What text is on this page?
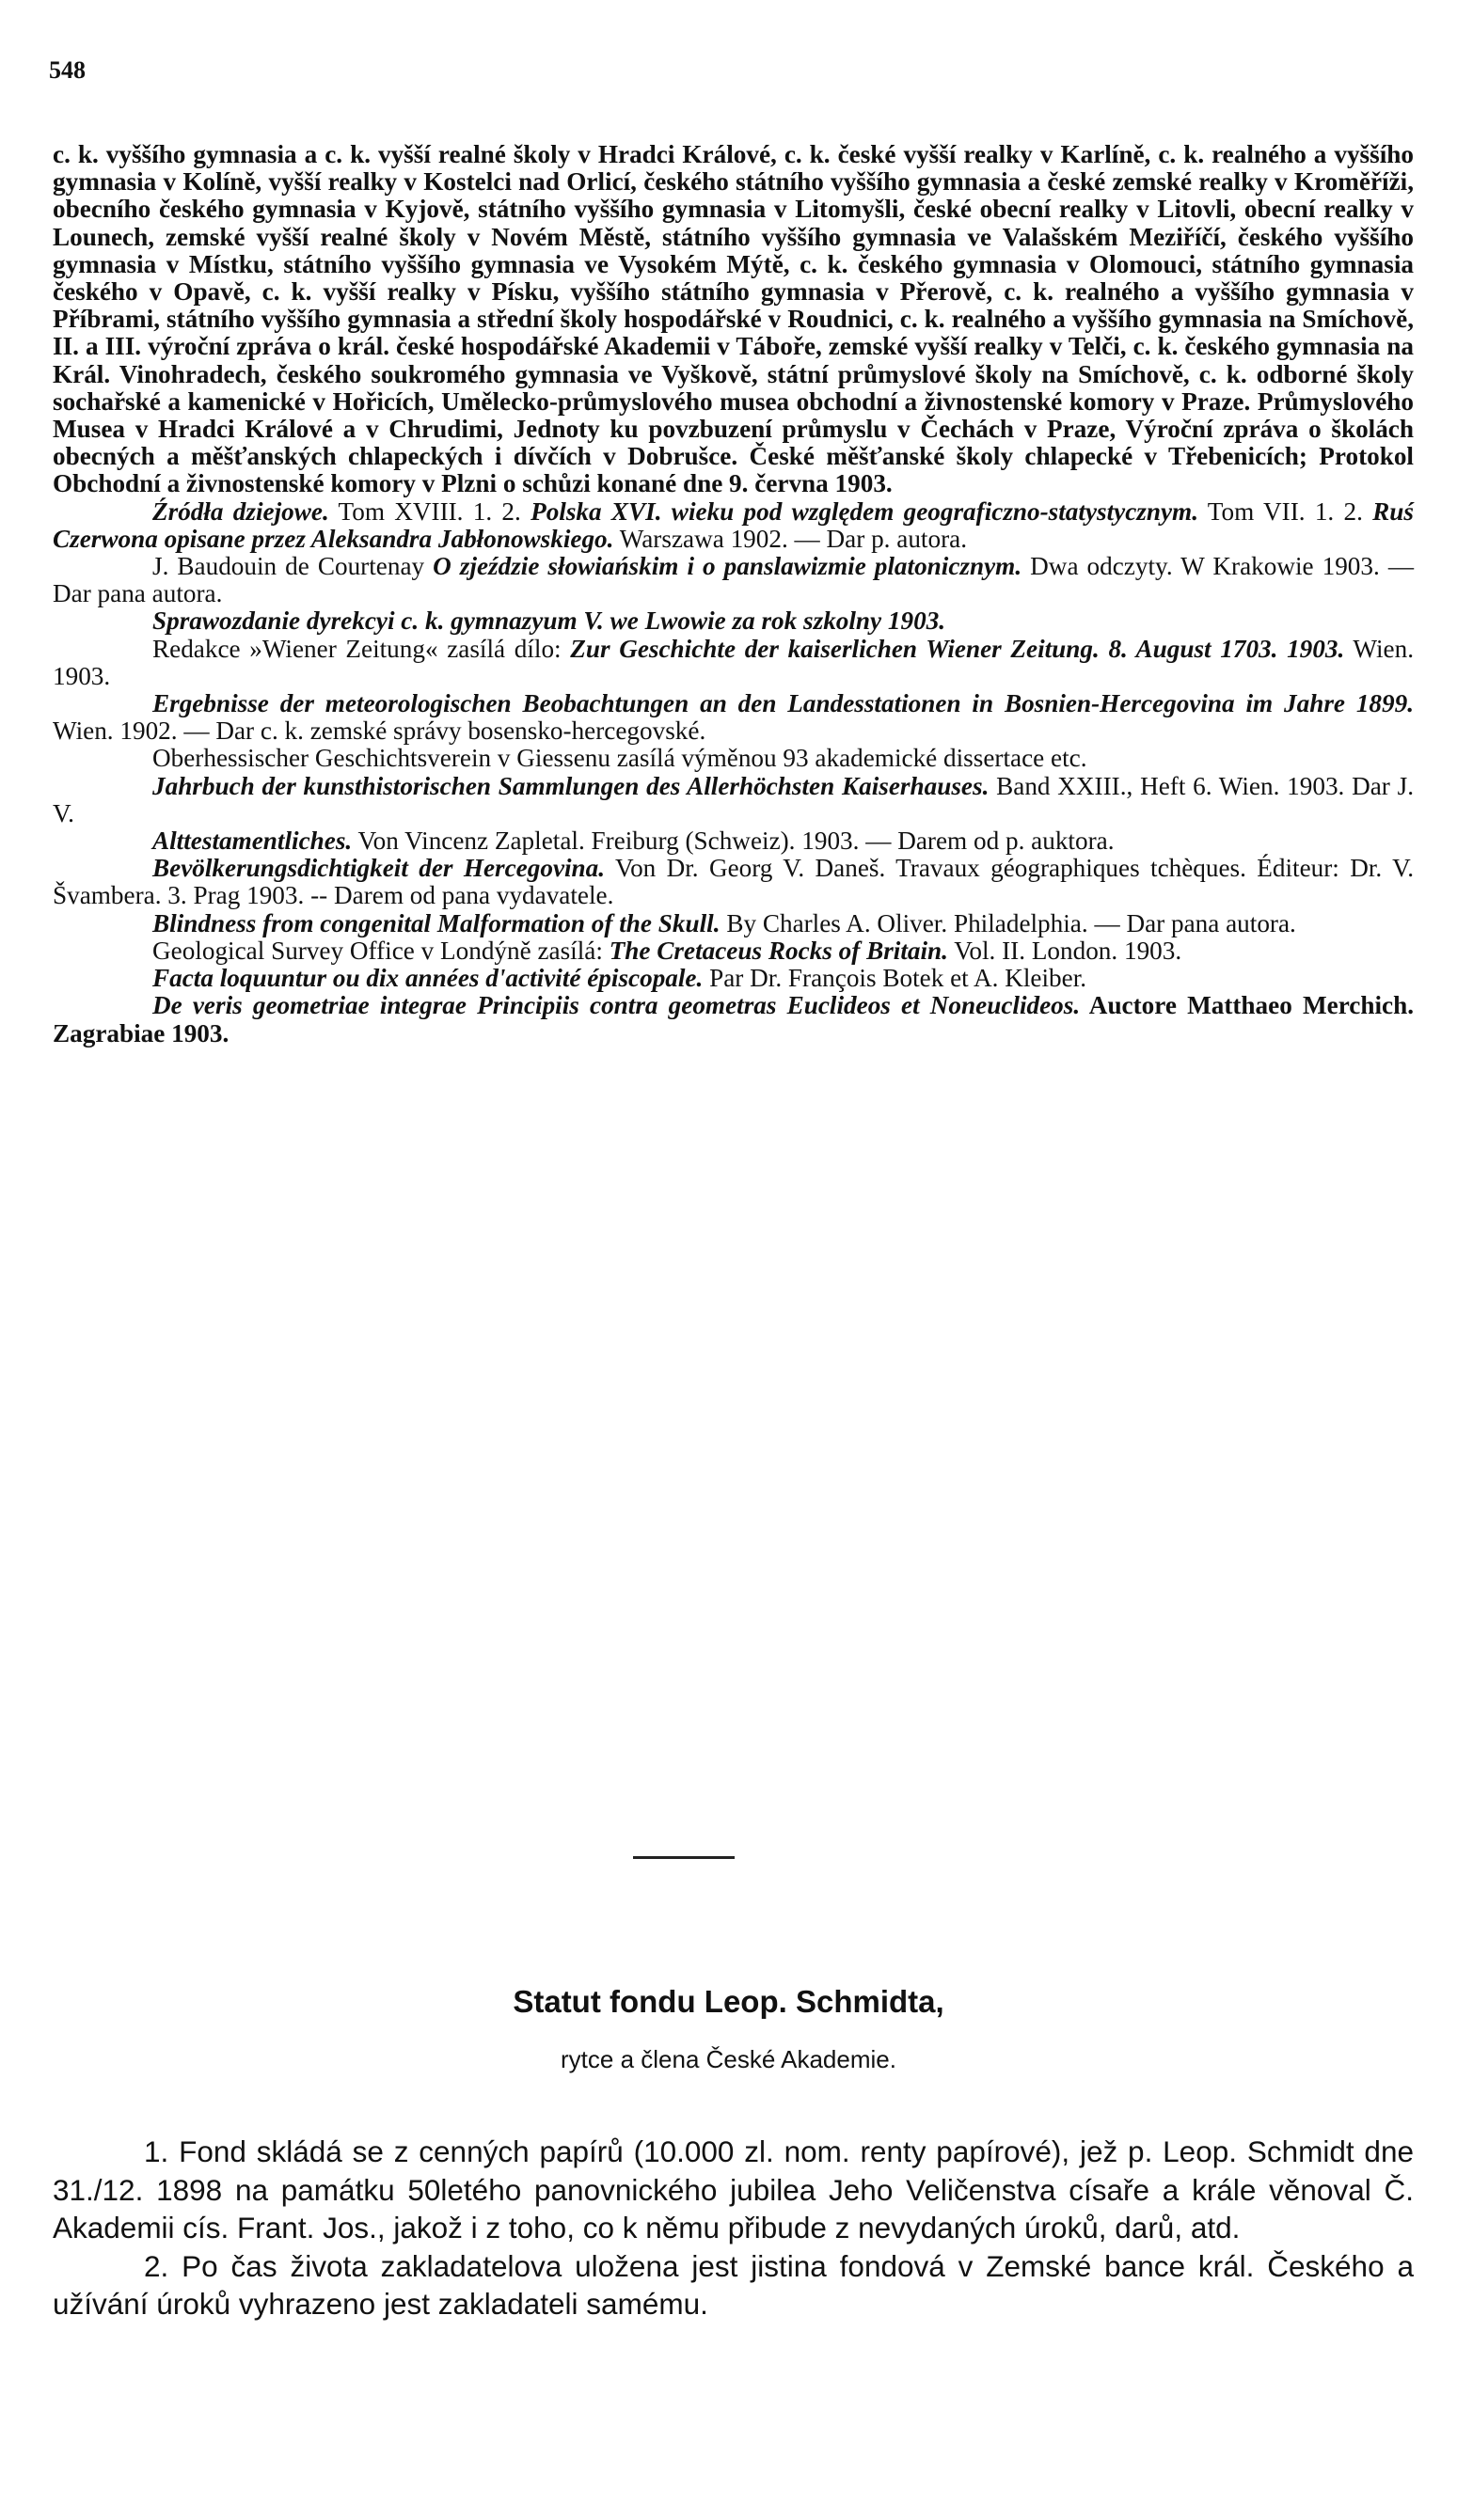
548

c. k. vyššího gymnasia a c. k. vyšší realné školy v Hradci Králové, c. k. české vyšší realky v Karlíně, c. k. realného a vyššího gymnasia v Kolíně, vyšší realky v Kostelci nad Orlicí, českého státního vyššího gymnasia a české zemské realky v Kroměříži, obecního českého gymnasia v Kyjově, státního vyššího gymnasia v Litomyšli, české obecní realky v Litovli, obecní realky v Lounech, zemské vyšší realné školy v Novém Městě, státního vyššího gymnasia ve Valašském Meziříčí, českého vyššího gymnasia v Místku, státního vyššího gymnasia ve Vysokém Mýtě, c. k. českého gymnasia v Olomouci, státního gymnasia českého v Opavě, c. k. vyšší realky v Písku, vyššího státního gymnasia v Přerově, c. k. realného a vyššího gymnasia v Příbrami, státního vyššího gymnasia a střední školy hospodářské v Roudnici, c. k. realného a vyššího gymnasia na Smíchově, II. a III. výroční zpráva o král. české hospodářské Akademii v Táboře, zemské vyšší realky v Telči, c. k. českého gymnasia na Král. Vinohradech, českého soukromého gymnasia ve Vyškově, státní průmyslové školy na Smíchově, c. k. odborné školy sochařské a kamenické v Hořicích, Umělecko-průmyslového musea obchodní a živnostenské komory v Praze. Průmyslového Musea v Hradci Králové a v Chrudimi, Jednoty ku povzbuzení průmyslu v Čechách v Praze, Výroční zpráva o školách obecných a měšťanských chlapeckých i dívčích v Dobrušce. České měšťanské školy chlapecké v Třebenicích; Protokol Obchodní a živnostenské komory v Plzni o schůzi konané dne 9. června 1903.

Źródła dziejowe. Tom XVIII. 1. 2. Polska XVI. wieku pod względem geograficzno-statystycznym. Tom VII. 1. 2. Ruś Czerwona opisane przez Aleksandra Jabłonowskiego. Warszawa 1902. — Dar p. autora.

J. Baudouin de Courtenay O zjeździe słowiańskim i o panslawizmie platonicznym. Dwa odczyty. W Krakowie 1903. — Dar pana autora.

Sprawozdanie dyrekcyi c. k. gymnazyum V. we Lwowie za rok szkolny 1903.

Redakce »Wiener Zeitung« zasílá dílo: Zur Geschichte der kaiserlichen Wiener Zeitung. 8. August 1703. 1903. Wien. 1903.

Ergebnisse der meteorologischen Beobachtungen an den Landesstationen in Bosnien-Hercegovina im Jahre 1899. Wien. 1902. — Dar c. k. zemské správy bosensko-hercegovské.

Oberhessischer Geschichtsverein v Giessenu zasílá výměnou 93 akademické dissertace etc.

Jahrbuch der kunsthistorischen Sammlungen des Allerhöchsten Kaiserhauses. Band XXIII., Heft 6. Wien. 1903. Dar J. V.

Alttestamentliches. Von Vincenz Zapletal. Freiburg (Schweiz). 1903. — Darem od p. auktora.

Bevölkerungsdichtigkeit der Hercegovina. Von Dr. Georg V. Daneš. Travaux géographiques tchèques. Éditeur: Dr. V. Švambera. 3. Prag 1903. -- Darem od pana vydavatele.

Blindness from congenital Malformation of the Skull. By Charles A. Oliver. Philadelphia. — Dar pana autora.

Geological Survey Office v Londýně zasílá: The Cretaceus Rocks of Britain. Vol. II. London. 1903.

Facta loquuntur ou dix années d'activité épiscopale. Par Dr. François Botek et A. Kleiber.

De veris geometriae integrae Principiis contra geometras Euclideos et Noneuclideos. Auctore Matthaeo Merchich. Zagrabiae 1903.

Statut fondu Leop. Schmidta,
rytce a člena České Akademie.

1. Fond skládá se z cenných papírů (10.000 zl. nom. renty papírové), jež p. Leop. Schmidt dne 31./12. 1898 na památku 50letého panovnického jubilea Jeho Veličenstva císaře a krále věnoval Č. Akademii cís. Frant. Jos., jakož i z toho, co k němu přibude z nevydaných úroků, darů, atd.

2. Po čas života zakladatelova uložena jest jistina fondová v Zemské bance král. Českého a užívání úroků vyhrazeno jest zakladateli samému.
